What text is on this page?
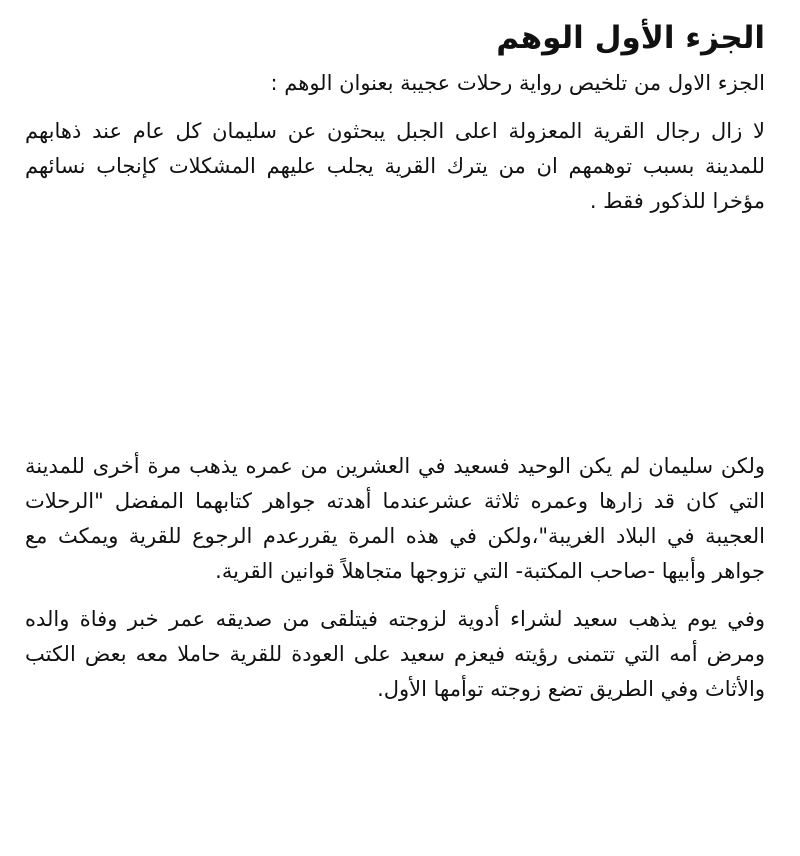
الجزء الأول الوهم

الجزء الاول من تلخيص رواية رحلات عجيبة بعنوان الوهم :

لا زال رجال القرية المعزولة اعلى الجبل يبحثون عن سليمان كل عام عند ذهابهم للمدينة بسبب توهمهم ان من يترك القرية يجلب عليهم المشكلات كإنجاب نسائهم مؤخرا للذكور فقط .

ولكن سليمان لم يكن الوحيد فسعيد في العشرين من عمره يذهب مرة أخرى للمدينة التي كان قد زارها وعمره ثلاثة عشرعندما أهدته جواهر كتابهما المفضل "الرحلات العجيبة في البلاد الغريبة"،ولكن في هذه المرة يقررعدم الرجوع للقرية ويمكث مع جواهر وأبيها -صاحب المكتبة- التي تزوجها متجاهلاً قوانين القرية.

وفي يوم يذهب سعيد لشراء أدوية لزوجته فيتلقى من صديقه عمر خبر وفاة والده ومرض أمه التي تتمنى رؤيته فيعزم سعيد على العودة للقرية حاملا معه بعض الكتب والأثاث وفي الطريق تضع زوجته توأمها الأول.
